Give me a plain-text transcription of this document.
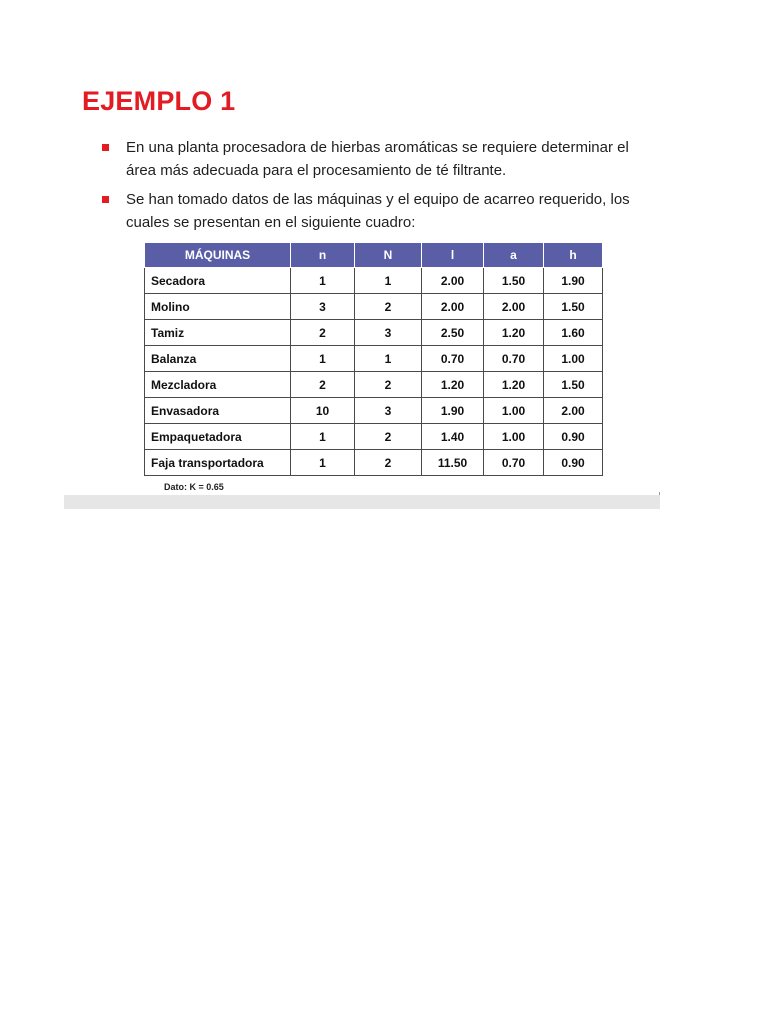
EJEMPLO 1
En una planta procesadora de hierbas aromáticas se requiere determinar el área más adecuada para el procesamiento de té filtrante.
Se han tomado datos de las máquinas y el equipo de acarreo requerido, los cuales se presentan en el siguiente cuadro:
MÁQUINAS	n	N	l	a	h
Secadora	1	1	2.00	1.50	1.90
Molino	3	2	2.00	2.00	1.50
Tamiz	2	3	2.50	1.20	1.60
Balanza	1	1	0.70	0.70	1.00
Mezcladora	2	2	1.20	1.20	1.50
Envasadora	10	3	1.90	1.00	2.00
Empaquetadora	1	2	1.40	1.00	0.90
Faja transportadora	1	2	11.50	0.70	0.90

Dato: K = 0.65
